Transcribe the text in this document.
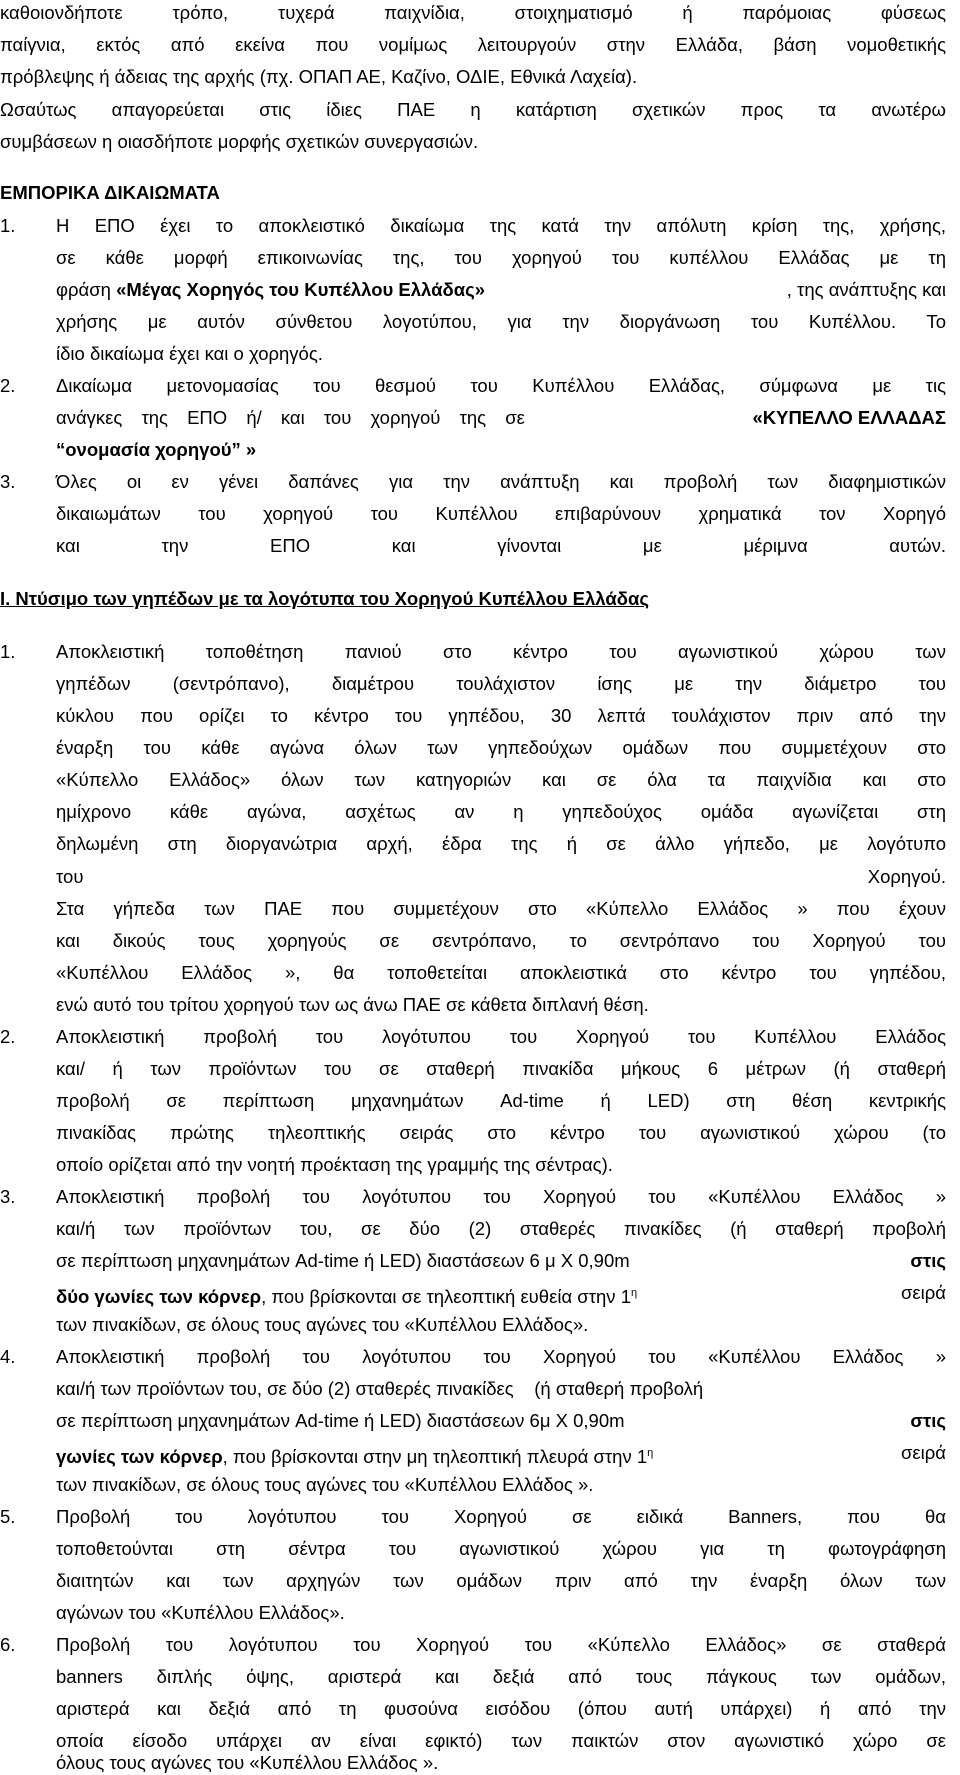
καθοιονδήποτε τρόπο, τυχερά παιχνίδια, στοιχηματισμό ή παρόμοιας φύσεως
παίγνια, εκτός από εκείνα που νομίμως λειτουργούν στην Ελλάδα, βάση νομοθετικής
πρόβλεψης ή άδειας της αρχής (πχ. ΟΠΑΠ ΑΕ, Καζίνο, ΟΔΙΕ, Εθνικά Λαχεία).
Ωσαύτως απαγορεύεται στις ίδιες ΠΑΕ η κατάρτιση σχετικών προς τα ανωτέρω
συμβάσεων η οιασδήποτε μορφής σχετικών συνεργασιών.
ΕΜΠΟΡΙΚΑ ΔΙΚΑΙΩΜΑΤΑ
1. Η ΕΠΟ έχει το αποκλειστικό δικαίωμα της κατά την απόλυτη κρίση της, χρήσης,
σε κάθε μορφή επικοινωνίας της, του χορηγού του κυπέλλου Ελλάδας με τη
φράση «Μέγας Χορηγός του Κυπέλλου Ελλάδας»	, της ανάπτυξης και
χρήσης με αυτόν σύνθετου λογοτύπου, για την διοργάνωση του Κυπέλλου. Το
ίδιο δικαίωμα έχει και ο χορηγός.
2. Δικαίωμα μετονομασίας του θεσμού του Κυπέλλου Ελλάδας, σύμφωνα με τις
ανάγκες της ΕΠΟ ή/ και του χορηγού της σε	«ΚΥΠΕΛΛΟ ΕΛΛΑΔΑΣ
“ονομασία χορηγού” »
3. Όλες οι εν γένει δαπάνες για την ανάπτυξη και προβολή των διαφημιστικών
δικαιωμάτων του χορηγού του Κυπέλλου επιβαρύνουν χρηματικά τον Χορηγό
και την ΕΠΟ και γίνονται με μέριμνα αυτών.
Ι. Ντύσιμο των γηπέδων με τα λογότυπα του Χορηγού Κυπέλλου Ελλάδας
1. Αποκλειστική τοποθέτηση πανιού στο κέντρο του αγωνιστικού χώρου των
γηπέδων (σεντρόπανο), διαμέτρου τουλάχιστον ίσης με την διάμετρο του
κύκλου που ορίζει το κέντρο του γηπέδου, 30 λεπτά τουλάχιστον πριν από την
έναρξη του κάθε αγώνα όλων των γηπεδούχων ομάδων που συμμετέχουν στο
«Κύπελλο Ελλάδος» όλων των κατηγοριών και σε όλα τα παιχνίδια και στο
ημίχρονο κάθε αγώνα, ασχέτως αν η γηπεδούχος ομάδα αγωνίζεται στη
δηλωμένη στη διοργανώτρια αρχή, έδρα της ή σε άλλο γήπεδο, με λογότυπο
του Χορηγού.
Στα γήπεδα των ΠΑΕ που συμμετέχουν στο «Κύπελλο Ελλάδος » που έχουν
και δικούς τους χορηγούς σε σεντρόπανο, το σεντρόπανο του Χορηγού του
«Κυπέλλου Ελλάδος », θα τοποθετείται αποκλειστικά στο κέντρο του γηπέδου,
ενώ αυτό του τρίτου χορηγού των ως άνω ΠΑΕ σε κάθετα διπλανή θέση.
2. Αποκλειστική προβολή του λογότυπου του Χορηγού του Κυπέλλου Ελλάδος
και/ ή των προϊόντων του σε σταθερή πινακίδα μήκους 6 μέτρων (ή σταθερή
προβολή σε περίπτωση μηχανημάτων Ad-time ή LED) στη θέση κεντρικής
πινακίδας πρώτης τηλεοπτικής σειράς στο κέντρο του αγωνιστικού χώρου (το
οποίο ορίζεται από την νοητή προέκταση της γραμμής της σέντρας).
3. Αποκλειστική προβολή του λογότυπου του Χορηγού του «Κυπέλλου Ελλάδος »
και/ή των προϊόντων του, σε δύο (2) σταθερές πινακίδες (ή σταθερή προβολή
σε περίπτωση μηχανημάτων Ad-time ή LED) διαστάσεων 6 μ Χ 0,90m	στις
δύο γωνίες των κόρνερ, που βρίσκονται σε τηλεοπτική ευθεία στην $1^\eta$	σειρά
των πινακίδων, σε όλους τους αγώνες του «Κυπέλλου Ελλάδος».
4. Αποκλειστική προβολή του λογότυπου του Χορηγού του «Κυπέλλου Ελλάδος »
και/ή των προϊόντων του, σε δύο (2) σταθερές πινακίδες    (ή σταθερή προβολή
σε περίπτωση μηχανημάτων Ad-time ή LED) διαστάσεων 6μ Χ 0,90m	στις
γωνίες των κόρνερ, που βρίσκονται στην μη τηλεοπτική πλευρά στην $1^\eta$	σειρά
των πινακίδων, σε όλους τους αγώνες του «Κυπέλλου Ελλάδος ».
5. Προβολή του λογότυπου του Χορηγού σε ειδικά Banners, που θα
τοποθετούνται στη σέντρα του αγωνιστικού χώρου για τη φωτογράφηση
διαιτητών και των αρχηγών των ομάδων πριν από την έναρξη όλων των
αγώνων του «Κυπέλλου Ελλάδος».
6. Προβολή του λογότυπου του Χορηγού του «Κύπελλο Ελλάδος» σε σταθερά
banners διπλής όψης, αριστερά και δεξιά από τους πάγκους των ομάδων,
αριστερά και δεξιά από τη φυσούνα εισόδου (όπου αυτή υπάρχει) ή από την
οποία είσοδο υπάρχει αν είναι εφικτό) των παικτών στον αγωνιστικό χώρο σε
όλους τους αγώνες του «Κυπέλλου Ελλάδος ».
